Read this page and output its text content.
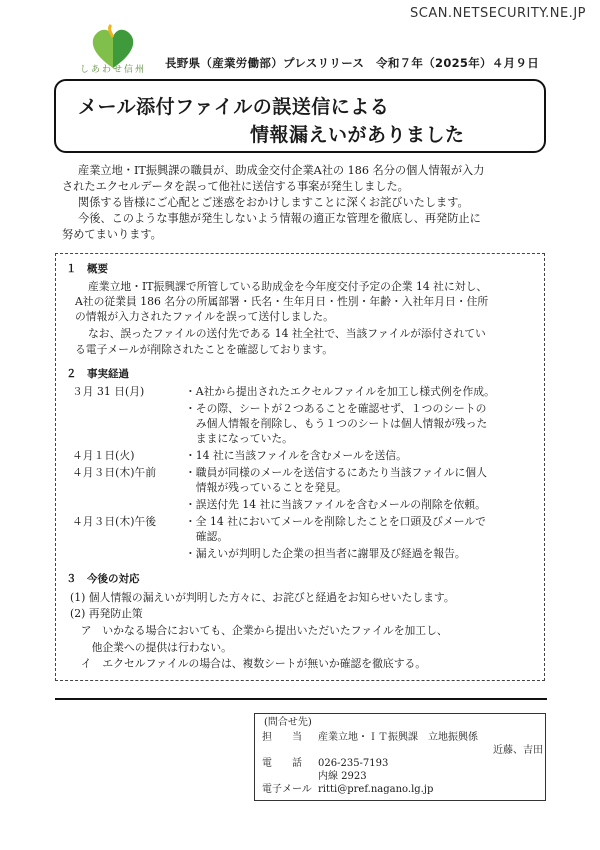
SCAN.NETSECURITY.NE.JP
しあわせ信州 長野県（産業労働部）プレスリリース　令和７年（2025年）４月９日
メール添付ファイルの誤送信による
情報漏えいがありました
産業立地・IT振興課の職員が、助成金交付企業A社の 186 名分の個人情報が入力
されたエクセルデータを誤って他社に送信する事案が発生しました。
関係する皆様にご心配とご迷惑をおかけしますことに深くお詫びいたします。
今後、このような事態が発生しないよう情報の適正な管理を徹底し、再発防止に
努めてまいります。
１　概要
産業立地・IT振興課で所管している助成金を今年度交付予定の企業 14 社に対し、
A社の従業員 186 名分の所属部署・氏名・生年月日・性別・年齢・入社年月日・住所
の情報が入力されたファイルを誤って送付しました。
なお、誤ったファイルの送付先である 14 社全社で、当該ファイルが添付されてい
る電子メールが削除されたことを確認しております。
２　事実経過
３月 31 日(月)	・A社から提出されたエクセルファイルを加工し様式例を作成。
・その際、シートが２つあることを確認せず、１つのシートの
　み個人情報を削除し、もう１つのシートは個人情報が残った
　ままになっていた。
４月１日(火)	・14 社に当該ファイルを含むメールを送信。
４月３日(木)午前	・職員が同様のメールを送信するにあたり当該ファイルに個人
　情報が残っていることを発見。
・誤送付先 14 社に当該ファイルを含むメールの削除を依頼。
４月３日(木)午後	・全 14 社においてメールを削除したことを口頭及びメールで
　確認。
・漏えいが判明した企業の担当者に謝罪及び経過を報告。
３　今後の対応
(1) 個人情報の漏えいが判明した方々に、お詫びと経過をお知らせいたします。
(2) 再発防止策
　ア　いかなる場合においても、企業から提出いただいたファイルを加工し、
　　他企業への提供は行わない。
　イ　エクセルファイルの場合は、複数シートが無いか確認を徹底する。
(問合せ先)
担　　当 産業立地・ＩＴ振興課　立地振興係
近藤、吉田
電　　話 026-235-7193
内線 2923
電子メール ritti@pref.nagano.lg.jp
